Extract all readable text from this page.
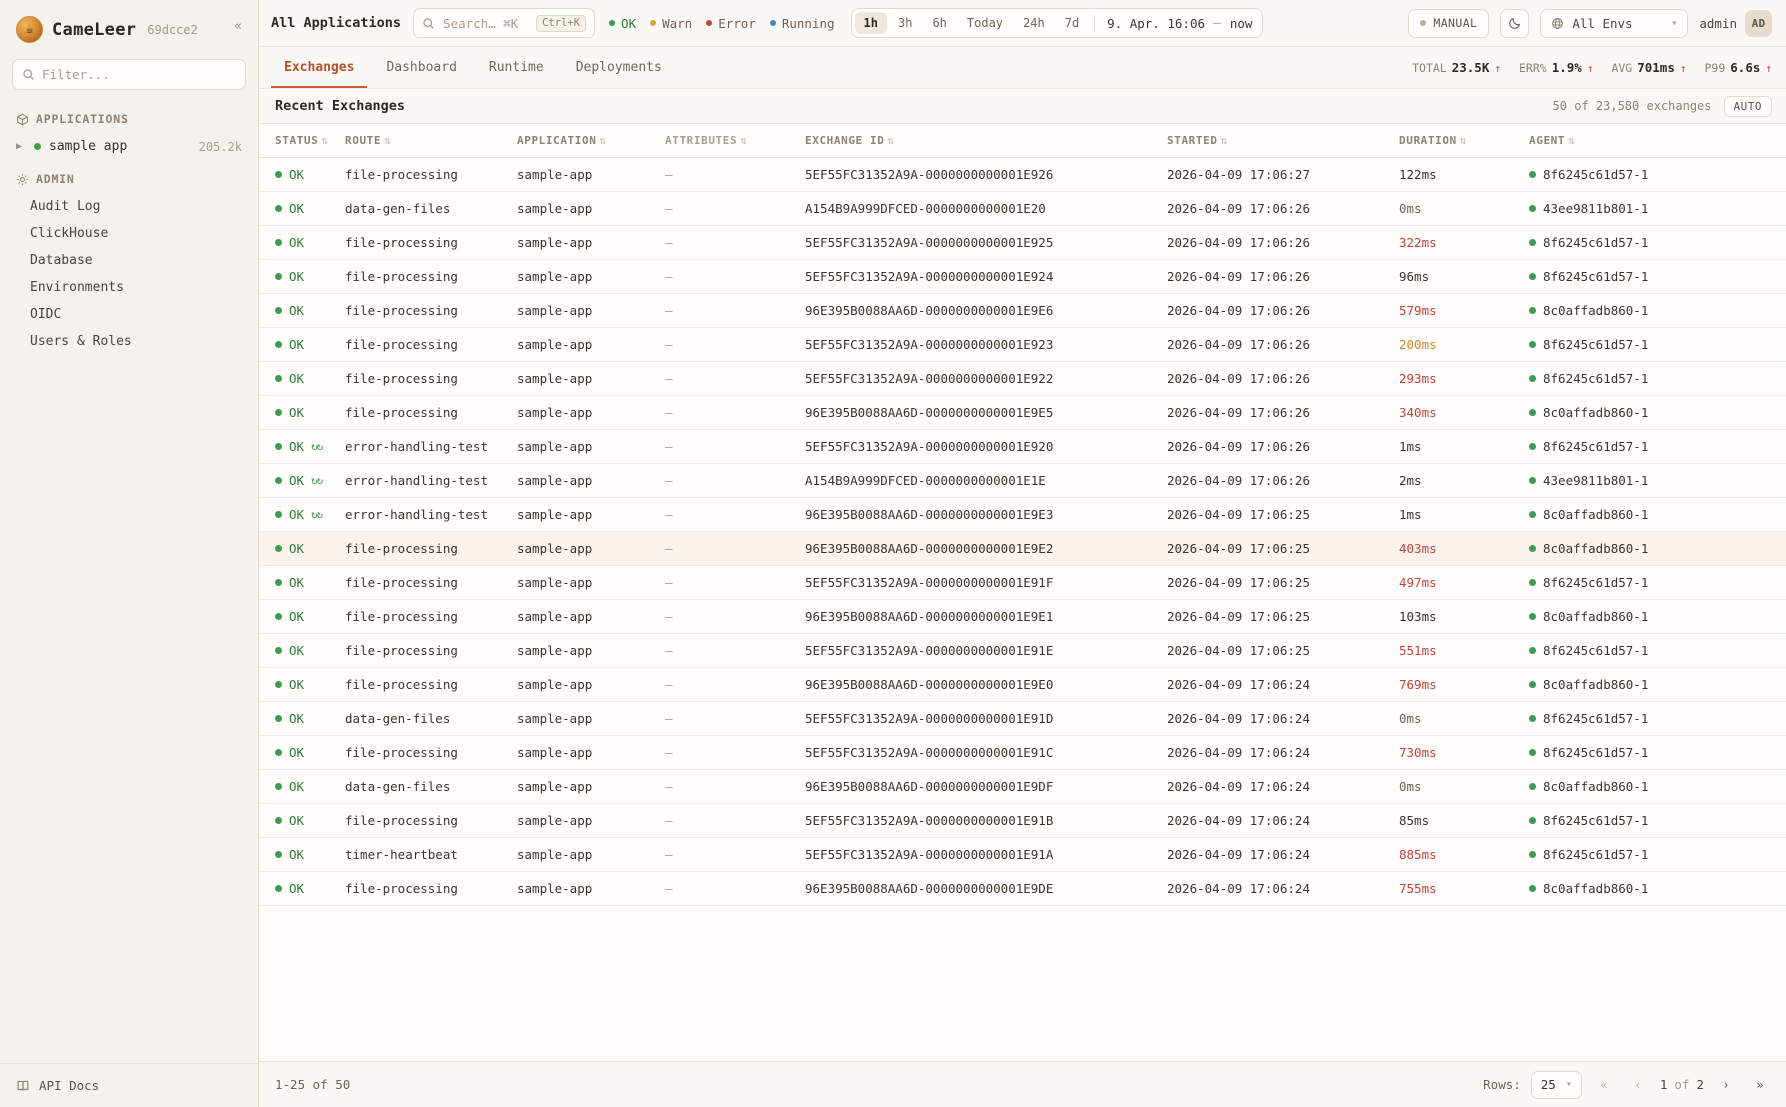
☕	CameLeer 69dcce2	«
Filter...
APPLICATIONS
▶	sample app	205.2k
ADMIN
Audit Log
ClickHouse
Database
Environments
OIDC
Users & Roles
API Docs
All Applications	Search… ⌘K	Ctrl+K	OK Warn Error Running	1h	3h	6h	Today	24h	7d	9. Apr. 16:06 — now	MANUAL	All Envs	▾ admin	AD
Exchanges	Dashboard	Runtime	Deployments	TOTAL 23.5K ↑ ERR% 1.9% ↑ AVG 701ms ↑ P99 6.6s ↑
Recent Exchanges	50 of 23,580 exchanges	AUTO
STATUS ⇅	ROUTE ⇅	APPLICATION ⇅	ATTRIBUTES ⇅	EXCHANGE ID ⇅	STARTED ⇅	DURATION ⇅	AGENT ⇅

OK	file-processing	sample-app	—	5EF55FC31352A9A-0000000000001E926	2026-04-09 17:06:27	122ms	8f6245c61d57-1

OK	data-gen-files	sample-app	—	A154B9A999DFCED-0000000000001E20	2026-04-09 17:06:26	0ms	43ee9811b801-1

OK	file-processing	sample-app	—	5EF55FC31352A9A-0000000000001E925	2026-04-09 17:06:26	322ms	8f6245c61d57-1

OK	file-processing	sample-app	—	5EF55FC31352A9A-0000000000001E924	2026-04-09 17:06:26	96ms	8f6245c61d57-1

OK	file-processing	sample-app	—	96E395B0088AA6D-0000000000001E9E6	2026-04-09 17:06:26	579ms	8c0affadb860-1

OK	file-processing	sample-app	—	5EF55FC31352A9A-0000000000001E923	2026-04-09 17:06:26	200ms	8f6245c61d57-1

OK	file-processing	sample-app	—	5EF55FC31352A9A-0000000000001E922	2026-04-09 17:06:26	293ms	8f6245c61d57-1

OK	file-processing	sample-app	—	96E395B0088AA6D-0000000000001E9E5	2026-04-09 17:06:26	340ms	8c0affadb860-1

OK ↻↻	error-handling-test	sample-app	—	5EF55FC31352A9A-0000000000001E920	2026-04-09 17:06:26	1ms	8f6245c61d57-1

OK ↻↻	error-handling-test	sample-app	—	A154B9A999DFCED-0000000000001E1E	2026-04-09 17:06:26	2ms	43ee9811b801-1

OK ↻↻	error-handling-test	sample-app	—	96E395B0088AA6D-0000000000001E9E3	2026-04-09 17:06:25	1ms	8c0affadb860-1

OK	file-processing	sample-app	—	96E395B0088AA6D-0000000000001E9E2	2026-04-09 17:06:25	403ms	8c0affadb860-1

OK	file-processing	sample-app	—	5EF55FC31352A9A-0000000000001E91F	2026-04-09 17:06:25	497ms	8f6245c61d57-1

OK	file-processing	sample-app	—	96E395B0088AA6D-0000000000001E9E1	2026-04-09 17:06:25	103ms	8c0affadb860-1

OK	file-processing	sample-app	—	5EF55FC31352A9A-0000000000001E91E	2026-04-09 17:06:25	551ms	8f6245c61d57-1

OK	file-processing	sample-app	—	96E395B0088AA6D-0000000000001E9E0	2026-04-09 17:06:24	769ms	8c0affadb860-1

OK	data-gen-files	sample-app	—	5EF55FC31352A9A-0000000000001E91D	2026-04-09 17:06:24	0ms	8f6245c61d57-1

OK	file-processing	sample-app	—	5EF55FC31352A9A-0000000000001E91C	2026-04-09 17:06:24	730ms	8f6245c61d57-1

OK	data-gen-files	sample-app	—	96E395B0088AA6D-0000000000001E9DF	2026-04-09 17:06:24	0ms	8c0affadb860-1

OK	file-processing	sample-app	—	5EF55FC31352A9A-0000000000001E91B	2026-04-09 17:06:24	85ms	8f6245c61d57-1

OK	timer-heartbeat	sample-app	—	5EF55FC31352A9A-0000000000001E91A	2026-04-09 17:06:24	885ms	8f6245c61d57-1

OK	file-processing	sample-app	—	96E395B0088AA6D-0000000000001E9DE	2026-04-09 17:06:24	755ms	8c0affadb860-1
1-25 of 50	Rows: 25 ▾	«	‹	1 of 2	›	»
